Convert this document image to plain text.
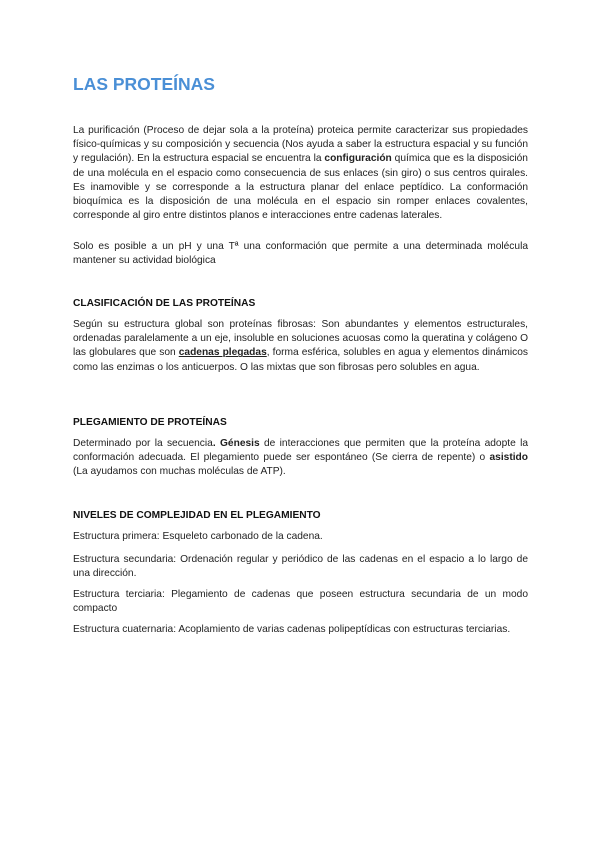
LAS PROTEÍNAS

La purificación (Proceso de dejar sola a la proteína) proteica permite caracterizar sus propiedades físico-químicas y su composición y secuencia (Nos ayuda a saber la estructura espacial y su función y regulación). En la estructura espacial se encuentra la configuración química que es la disposición de una molécula en el espacio como consecuencia de sus enlaces (sin giro) o sus centros quirales. Es inamovible y se corresponde a la estructura planar del enlace peptídico. La conformación bioquímica es la disposición de una molécula en el espacio sin romper enlaces covalentes, corresponde al giro entre distintos planos e interacciones entre cadenas laterales.

Solo es posible a un pH y una Tª una conformación que permite a una determinada molécula mantener su actividad biológica

CLASIFICACIÓN DE LAS PROTEÍNAS

Según su estructura global son proteínas fibrosas: Son abundantes y elementos estructurales, ordenadas paralelamente a un eje, insoluble en soluciones acuosas como la queratina y colágeno O las globulares que son cadenas plegadas, forma esférica, solubles en agua y elementos dinámicos como las enzimas o los anticuerpos. O las mixtas que son fibrosas pero solubles en agua.

PLEGAMIENTO DE PROTEÍNAS

Determinado por la secuencia. Génesis de interacciones que permiten que la proteína adopte la conformación adecuada. El plegamiento puede ser espontáneo (Se cierra de repente) o asistido (La ayudamos con muchas moléculas de ATP).

NIVELES DE COMPLEJIDAD EN EL PLEGAMIENTO

Estructura primera: Esqueleto carbonado de la cadena.

Estructura secundaria: Ordenación regular y periódico de las cadenas en el espacio a lo largo de una dirección.

Estructura terciaria: Plegamiento de cadenas que poseen estructura secundaria de un modo compacto

Estructura cuaternaria: Acoplamiento de varias cadenas polipeptídicas con estructuras terciarias.
